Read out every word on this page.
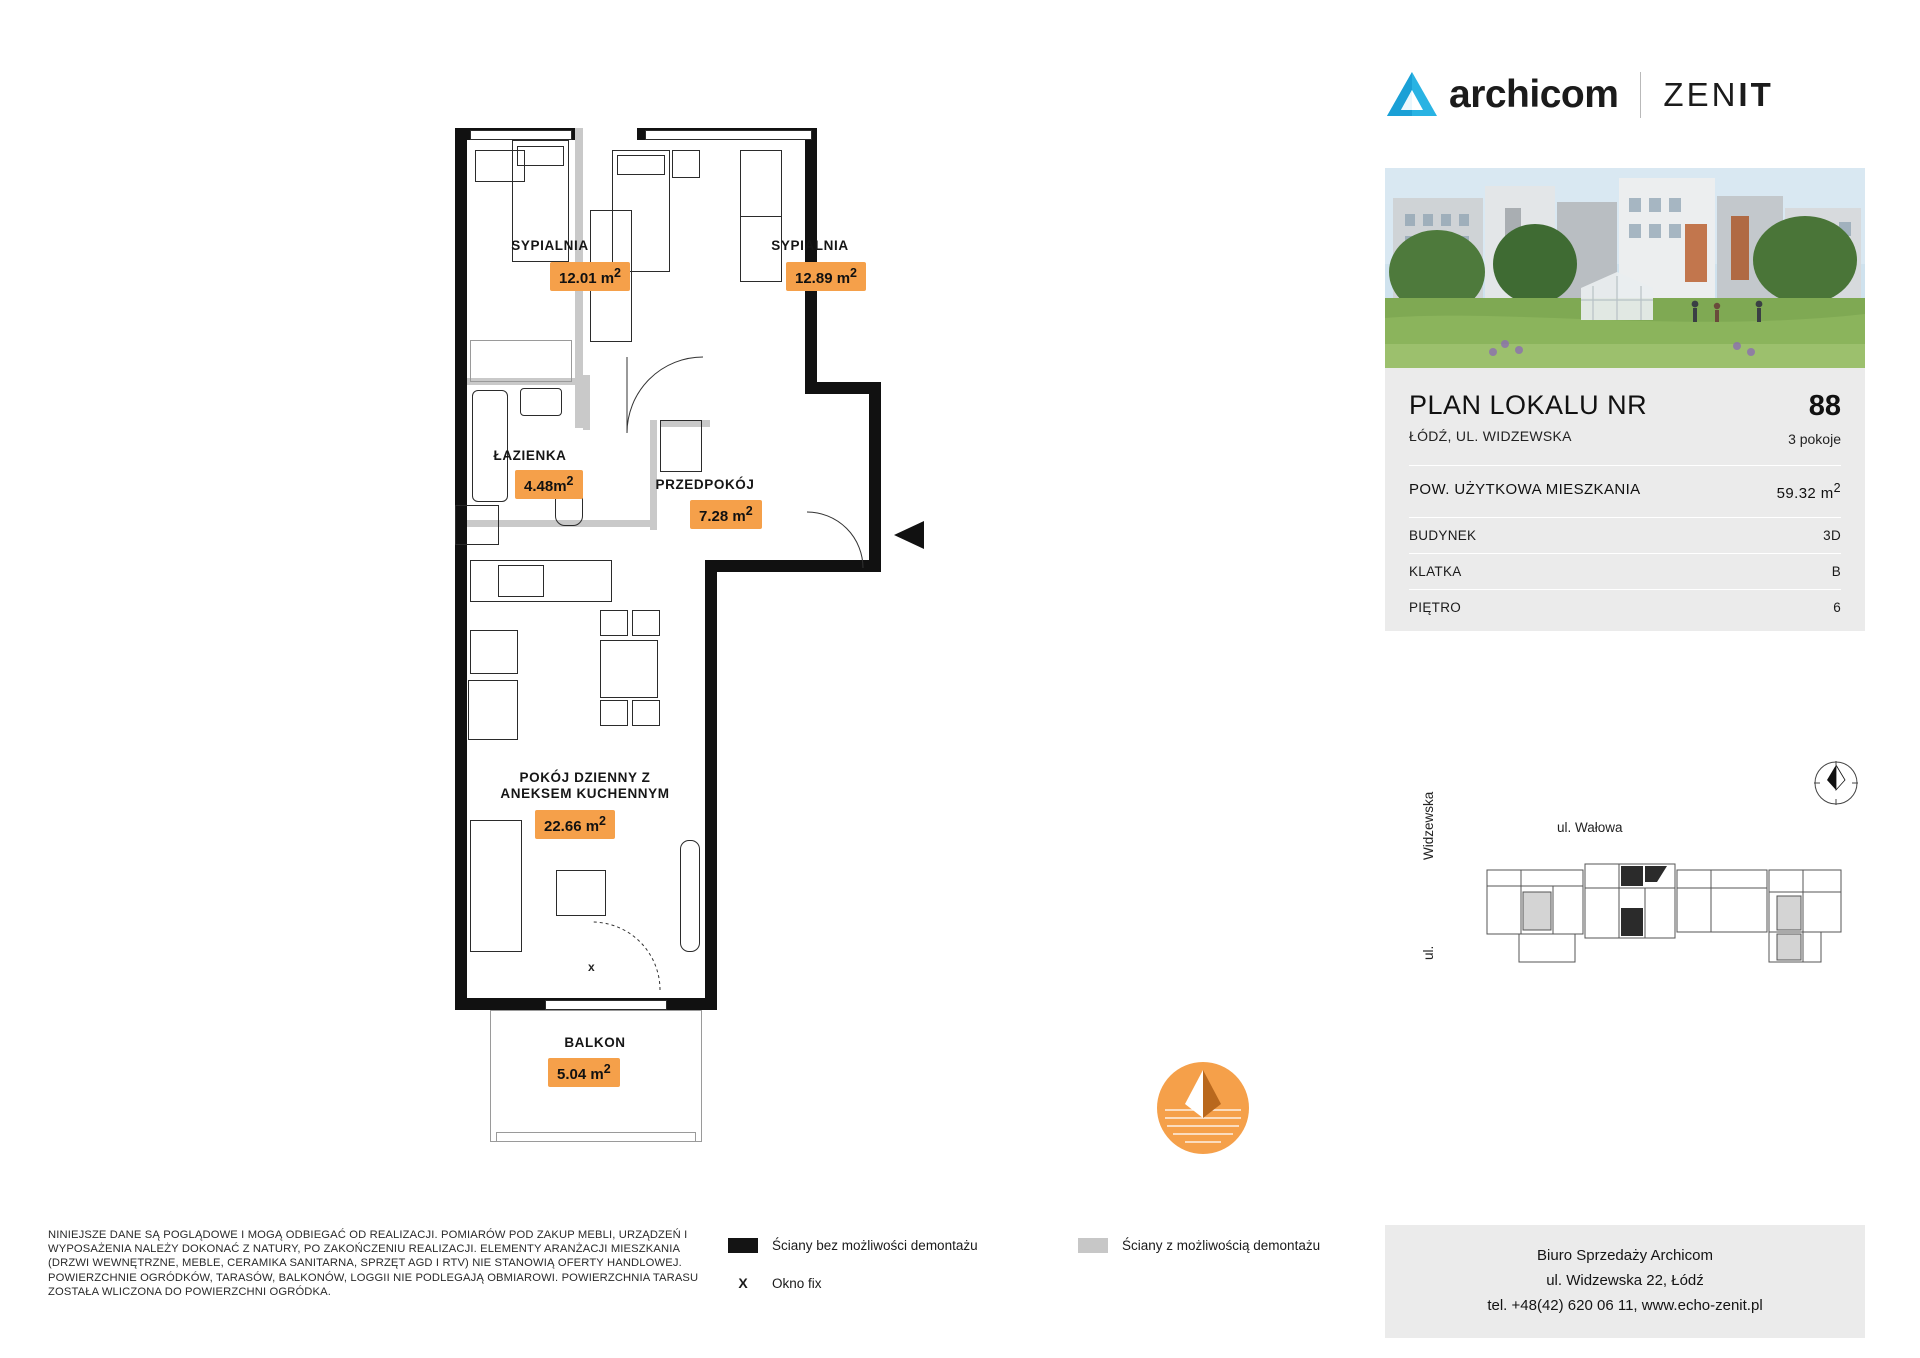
SYPIALNIA
12.01 $m^2$
SYPIALNIA
12.89 $m^2$
ŁAZIENKA
$4.48m^2$	PRZEDPOKÓJ
7.28 $m^2$
POKÓJ DZIENNY Z
ANEKSEM KUCHENNYM
22.66 $m^2$
BALKON
5.04 $m^2$
x
archicom ZENIT
PLAN LOKALU NR
ŁÓDŹ, UL. WIDZEWSKA
88
3 pokoje
POW. UŻYTKOWA MIESZKANIA	59.32 $m^2$
BUDYNEK	3D
KLATKA	B
PIĘTRO	6
ul. Wałowa
Widzewska
ul.
Biuro Sprzedaży Archicom
ul. Widzewska 22, Łódź
tel. +48(42) 620 06 11, www.echo-zenit.pl
NINIEJSZE DANE SĄ POGLĄDOWE I MOGĄ ODBIEGAĆ OD REALIZACJI. POMIARÓW POD ZAKUP MEBLI, URZĄDZEŃ I WYPOSAŻENIA NALEŻY DOKONAĆ Z NATURY, PO ZAKOŃCZENIU REALIZACJI. ELEMENTY ARANŻACJI MIESZKANIA (DRZWI WEWNĘTRZNE, MEBLE, CERAMIKA SANITARNA, SPRZĘT AGD I RTV) NIE STANOWIĄ OFERTY HANDLOWEJ. POWIERZCHNIE OGRÓDKÓW, TARASÓW, BALKONÓW, LOGGII NIE PODLEGAJĄ OBMIAROWI. POWIERZCHNIA TARASU ZOSTAŁA WLICZONA DO POWIERZCHNI OGRÓDKA.
Ściany bez możliwości demontażu
X	Okno fix
Ściany z możliwością demontażu
